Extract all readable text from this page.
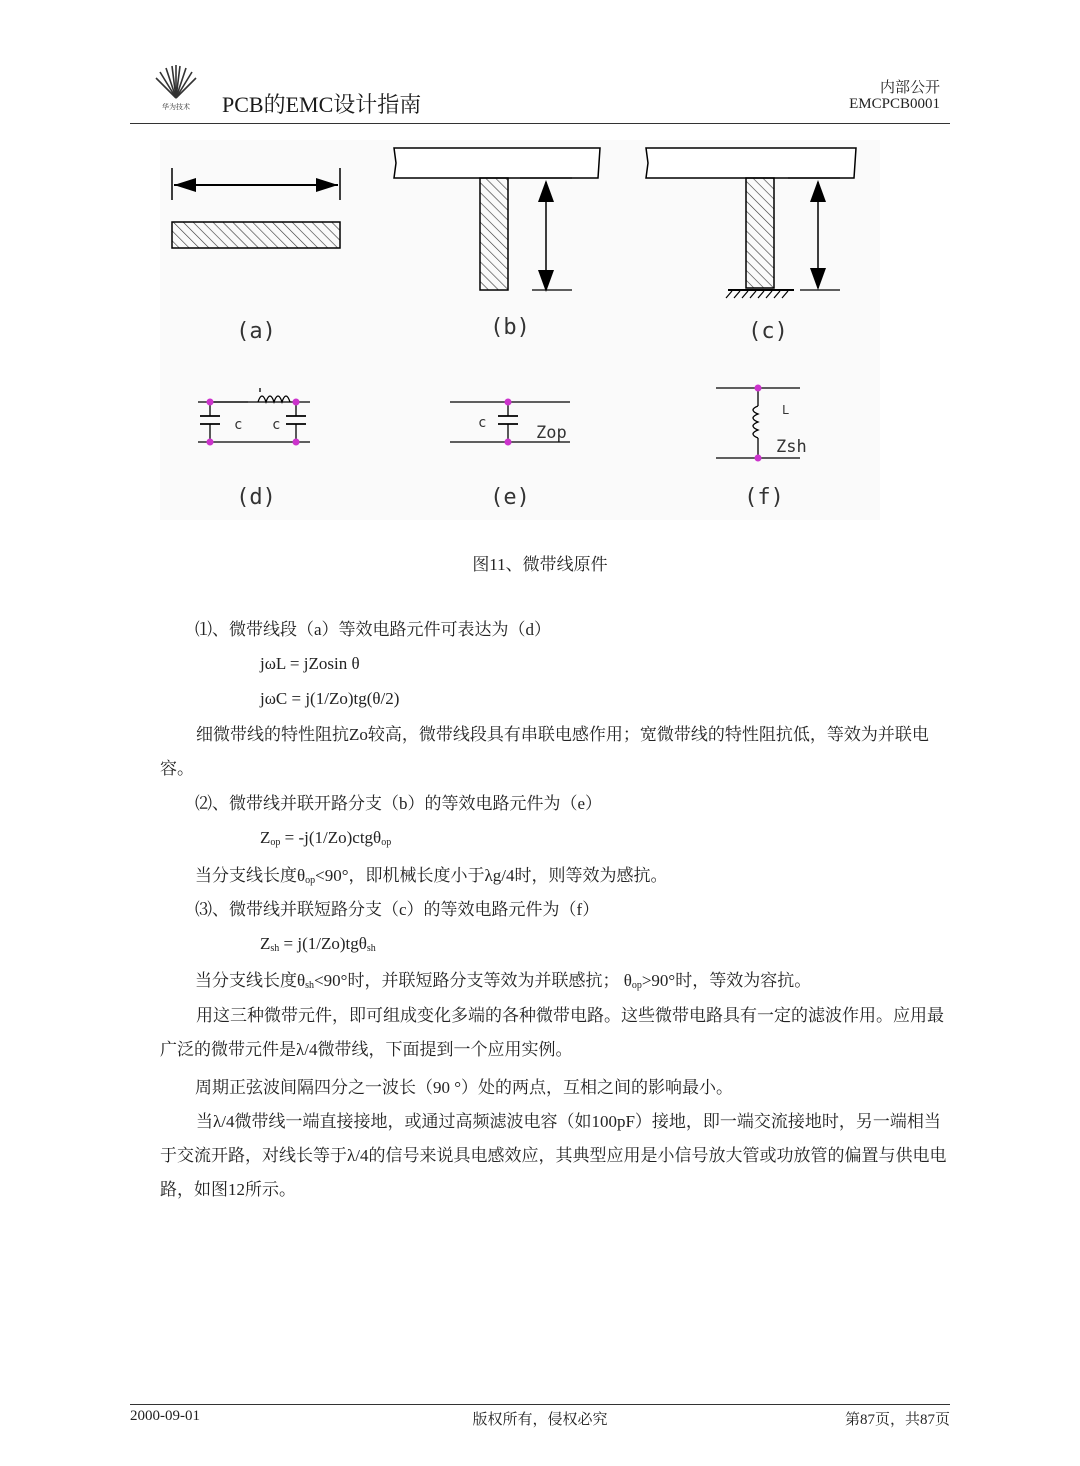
华为技术 PCB的EMC设计指南
内部公开
EMCPCB0001
(a)	(b)	(c)
c c	c	Zop
L
Zsh
(d)	(e)	(f)
图11、微带线原件
⑴、微带线段（a）等效电路元件可表达为（d）
jωL = jZosin θ
jωC = j(1/Zo)tg(θ/2)
细微带线的特性阻抗Zo较高，微带线段具有串联电感作用；宽微带线的特性阻抗低，等效为并联电容。
⑵、微带线并联开路分支（b）的等效电路元件为（e）
$Z_{op} = -j(1/Zo)ctg\theta_{op}$
当分支线长度$\theta_{op}<90^\circ$，即机械长度小于λg/4时，则等效为感抗。
⑶、微带线并联短路分支（c）的等效电路元件为（f）
$Z_{sh} = j(1/Zo)tg\theta_{sh}$
当分支线长度$\theta_{sh}<90^\circ$时，并联短路分支等效为并联感抗； $\theta_{op}>90^\circ$时，等效为容抗。
用这三种微带元件，即可组成变化多端的各种微带电路。这些微带电路具有一定的滤波作用。应用最广泛的微带元件是λ/4微带线，下面提到一个应用实例。
周期正弦波间隔四分之一波长（90 °）处的两点，互相之间的影响最小。
当λ/4微带线一端直接接地，或通过高频滤波电容（如100pF）接地，即一端交流接地时，另一端相当于交流开路，对线长等于λ/4的信号来说具电感效应，其典型应用是小信号放大管或功放管的偏置与供电电路，如图12所示。
2000-09-01	版权所有，侵权必究	第87页，共87页
